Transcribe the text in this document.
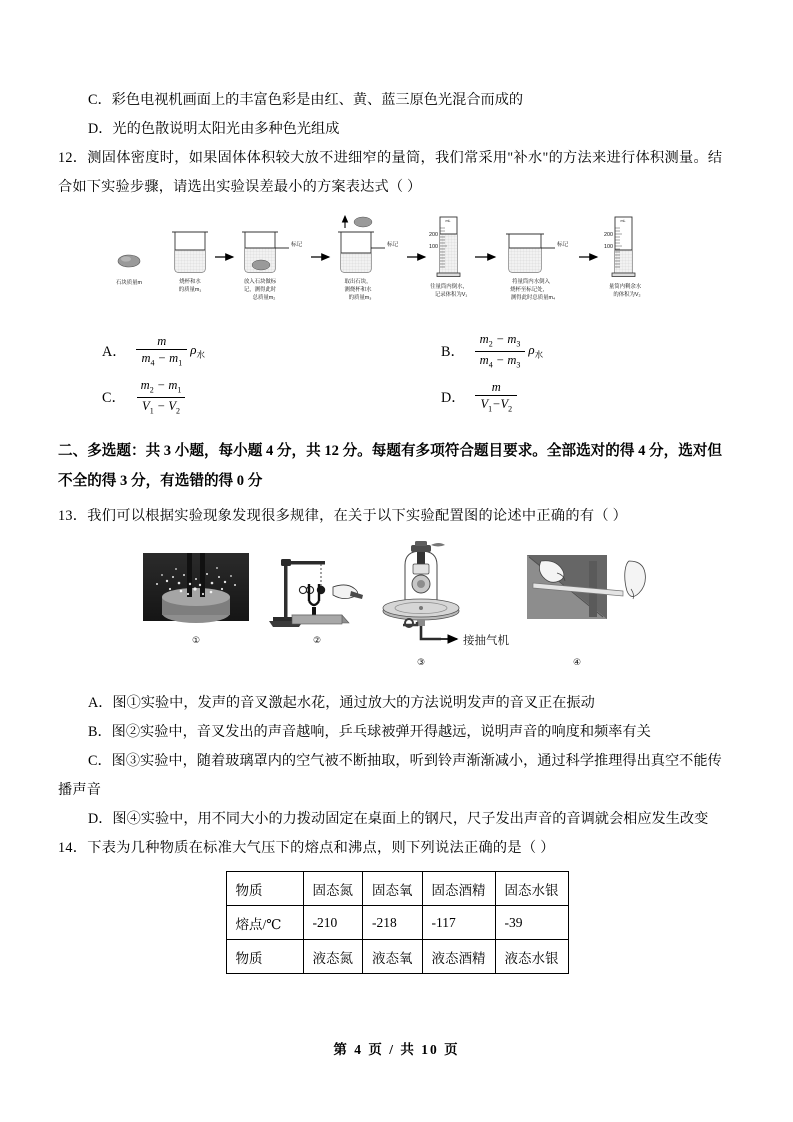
C．彩色电视机画面上的丰富色彩是由红、黄、蓝三原色光混合而成的
D．光的色散说明太阳光由多种色光组成
12．测固体密度时，如果固体体积较大放不进细窄的量筒，我们常采用"补水"的方法来进行体积测量。结
合如下实验步骤，请选出实验误差最小的方案表达式（ ）
石块质量m	烧杯和水
的质量m₁
标记
放入石块做标
记，测得此时
总质量m₂
标记
取出石块，
测烧杯和水
的质量m₃
mL
200
100
往量筒内倒水，
记录体积为V₁
标记
将量筒内水倒入
烧杯至标记处，
测得此时总质量m₄
mL
200
100
量筒内剩余水
的体积为V₂
A． $\frac{m}{m_4 - m_1} \rho_水$	B． $\frac{m_2 - m_3}{m_4 - m_3} \rho_水$
C． $\frac{m_2 - m_1}{V_1 - V_2}$	D． $\frac{m}{V_1-V_2}$
二、多选题：共 3 小题，每小题 4 分，共 12 分。每题有多项符合题目要求。全部选对的得 4 分，选对但
不全的得 3 分，有选错的得 0 分
13．我们可以根据实验现象发现很多规律，在关于以下实验配置图的论述中正确的有（ ）
①	②	接抽气机
③	④
A．图①实验中，发声的音叉激起水花，通过放大的方法说明发声的音叉正在振动
B．图②实验中，音叉发出的声音越响，乒乓球被弹开得越远，说明声音的响度和频率有关
C．图③实验中，随着玻璃罩内的空气被不断抽取，听到铃声渐渐减小，通过科学推理得出真空不能传
播声音
D．图④实验中，用不同大小的力拨动固定在桌面上的钢尺，尺子发出声音的音调就会相应发生改变
14．下表为几种物质在标准大气压下的熔点和沸点，则下列说法正确的是（ ）
物质	固态氮	固态氧	固态酒精	固态水银
熔点/℃	-210	-218	-117	-39
物质	液态氮	液态氧	液态酒精	液态水银
第 4 页 / 共 10 页
